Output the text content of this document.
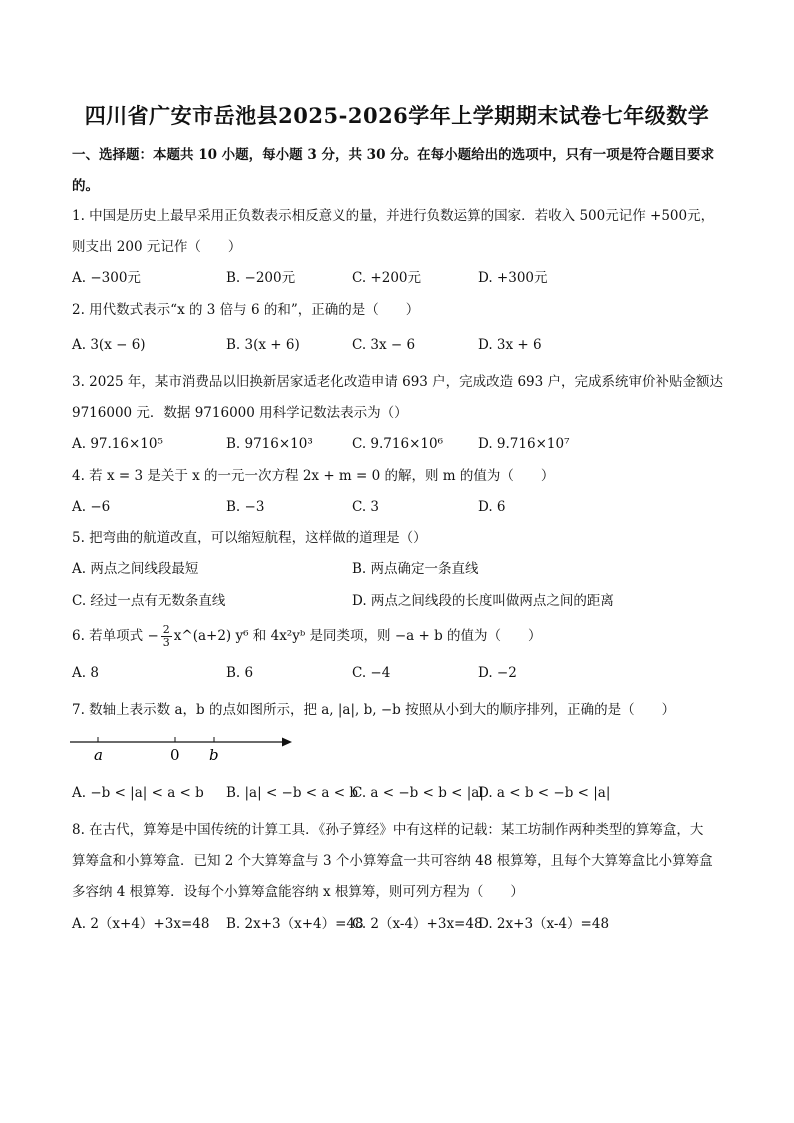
四川省广安市岳池县2025-2026学年上学期期末试卷七年级数学
一、选择题：本题共 10 小题，每小题 3 分，共 30 分。在每小题给出的选项中，只有一项是符合题目要求
的。
1. 中国是历史上最早采用正负数表示相反意义的量，并进行负数运算的国家．若收入 500元记作 +500元，
则支出 200 元记作（　　）
A. −300元	B. −200元	C. +200元	D. +300元
2. 用代数式表示“x 的 3 倍与 6 的和”，正确的是（　　）
A. 3(x − 6)	B. 3(x + 6)	C. 3x − 6	D. 3x + 6
3. 2025 年，某市消费品以旧换新居家适老化改造申请 693 户，完成改造 693 户，完成系统审价补贴金额达
9716000 元．数据 9716000 用科学记数法表示为（）
A. 97.16×10⁵	B. 9716×10³	C. 9.716×10⁶	D. 9.716×10⁷
4. 若 x = 3 是关于 x 的一元一次方程 2x + m = 0 的解，则 m 的值为（　　）
A. −6	B. −3	C. 3	D. 6
5. 把弯曲的航道改直，可以缩短航程，这样做的道理是（）
A. 两点之间线段最短	B. 两点确定一条直线
C. 经过一点有无数条直线	D. 两点之间线段的长度叫做两点之间的距离
6. 若单项式 − $\frac{2}{3}$ x^(a+2) y⁶ 和 4x²yᵇ 是同类项，则 −a + b 的值为（　　）
A. 8	B. 6	C. −4	D. −2
7. 数轴上表示数 a，b 的点如图所示，把 a, |a|, b, −b 按照从小到大的顺序排列，正确的是（　　）
a	0 b
A. −b < |a| < a < b B. |a| < −b < a < b
C. a < −b < b < |a|
D. a < b < −b < |a|
8. 在古代，算筹是中国传统的计算工具．《孙子算经》中有这样的记载：某工坊制作两种类型的算筹盒，大
算筹盒和小算筹盒．已知 2 个大算筹盒与 3 个小算筹盒一共可容纳 48 根算筹，且每个大算筹盒比小算筹盒
多容纳 4 根算筹．设每个小算筹盒能容纳 x 根算筹，则可列方程为（　　）
A. 2（x+4）+3x=48 B. 2x+3（x+4）=48
C. 2（x-4）+3x=48
D. 2x+3（x-4）=48
